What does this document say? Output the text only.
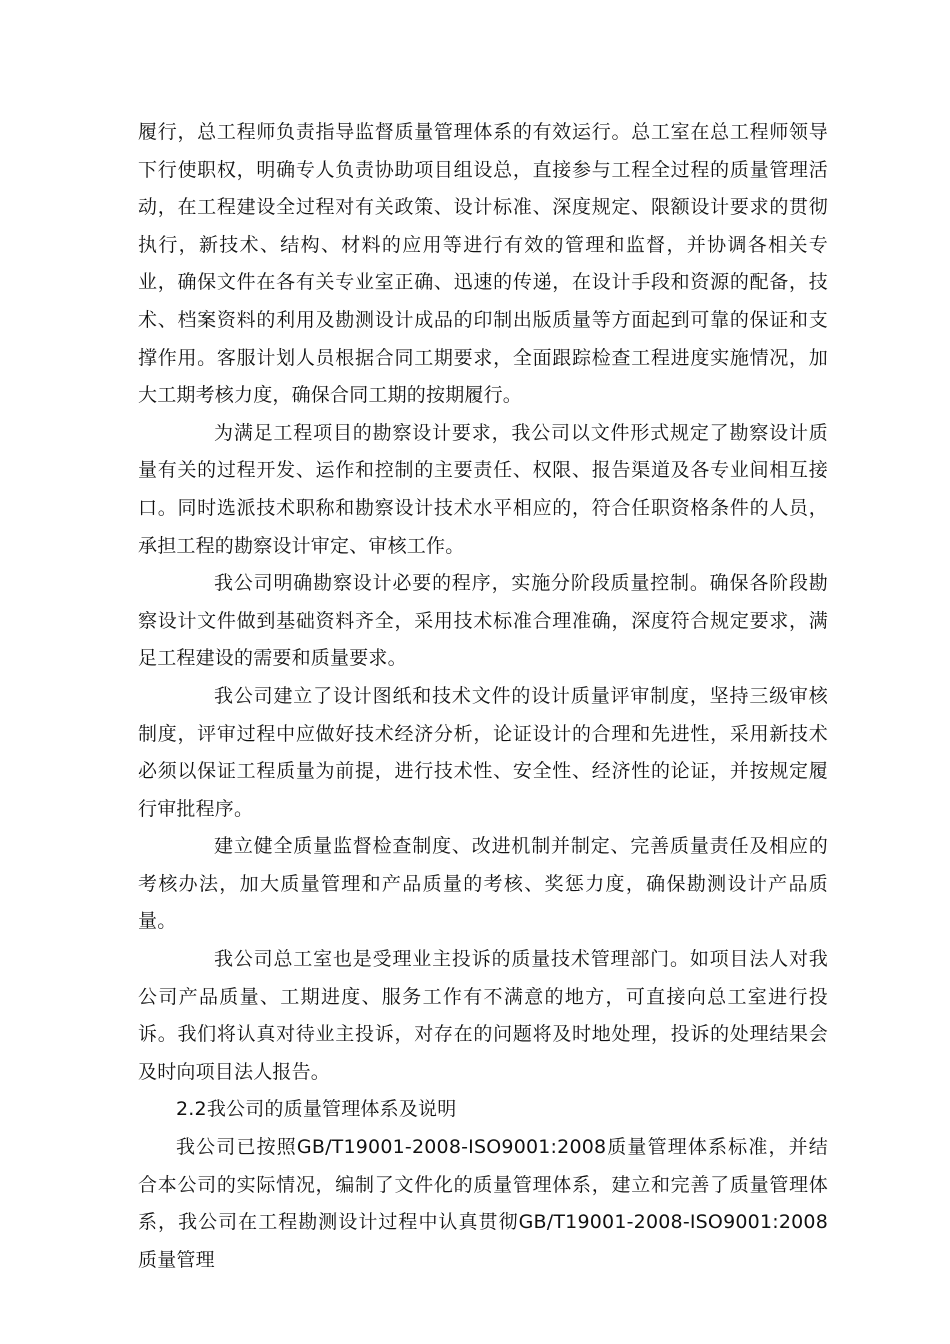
履行，总工程师负责指导监督质量管理体系的有效运行。总工室在总工程师领导下行使职权，明确专人负责协助项目组设总，直接参与工程全过程的质量管理活动，在工程建设全过程对有关政策、设计标准、深度规定、限额设计要求的贯彻执行，新技术、结构、材料的应用等进行有效的管理和监督，并协调各相关专业，确保文件在各有关专业室正确、迅速的传递，在设计手段和资源的配备，技术、档案资料的利用及勘测设计成品的印制出版质量等方面起到可靠的保证和支撑作用。客服计划人员根据合同工期要求，全面跟踪检查工程进度实施情况，加大工期考核力度，确保合同工期的按期履行。

为满足工程项目的勘察设计要求，我公司以文件形式规定了勘察设计质量有关的过程开发、运作和控制的主要责任、权限、报告渠道及各专业间相互接口。同时选派技术职称和勘察设计技术水平相应的，符合任职资格条件的人员，承担工程的勘察设计审定、审核工作。

我公司明确勘察设计必要的程序，实施分阶段质量控制。确保各阶段勘察设计文件做到基础资料齐全，采用技术标准合理准确，深度符合规定要求，满足工程建设的需要和质量要求。

我公司建立了设计图纸和技术文件的设计质量评审制度，坚持三级审核制度，评审过程中应做好技术经济分析，论证设计的合理和先进性，采用新技术必须以保证工程质量为前提，进行技术性、安全性、经济性的论证，并按规定履行审批程序。

建立健全质量监督检查制度、改进机制并制定、完善质量责任及相应的考核办法，加大质量管理和产品质量的考核、奖惩力度，确保勘测设计产品质量。

我公司总工室也是受理业主投诉的质量技术管理部门。如项目法人对我公司产品质量、工期进度、服务工作有不满意的地方，可直接向总工室进行投诉。我们将认真对待业主投诉，对存在的问题将及时地处理，投诉的处理结果会及时向项目法人报告。

2.2我公司的质量管理体系及说明

我公司已按照GB/T19001-2008-ISO9001:2008质量管理体系标准，并结合本公司的实际情况，编制了文件化的质量管理体系，建立和完善了质量管理体系，我公司在工程勘测设计过程中认真贯彻GB/T19001-2008-ISO9001:2008质量管理
